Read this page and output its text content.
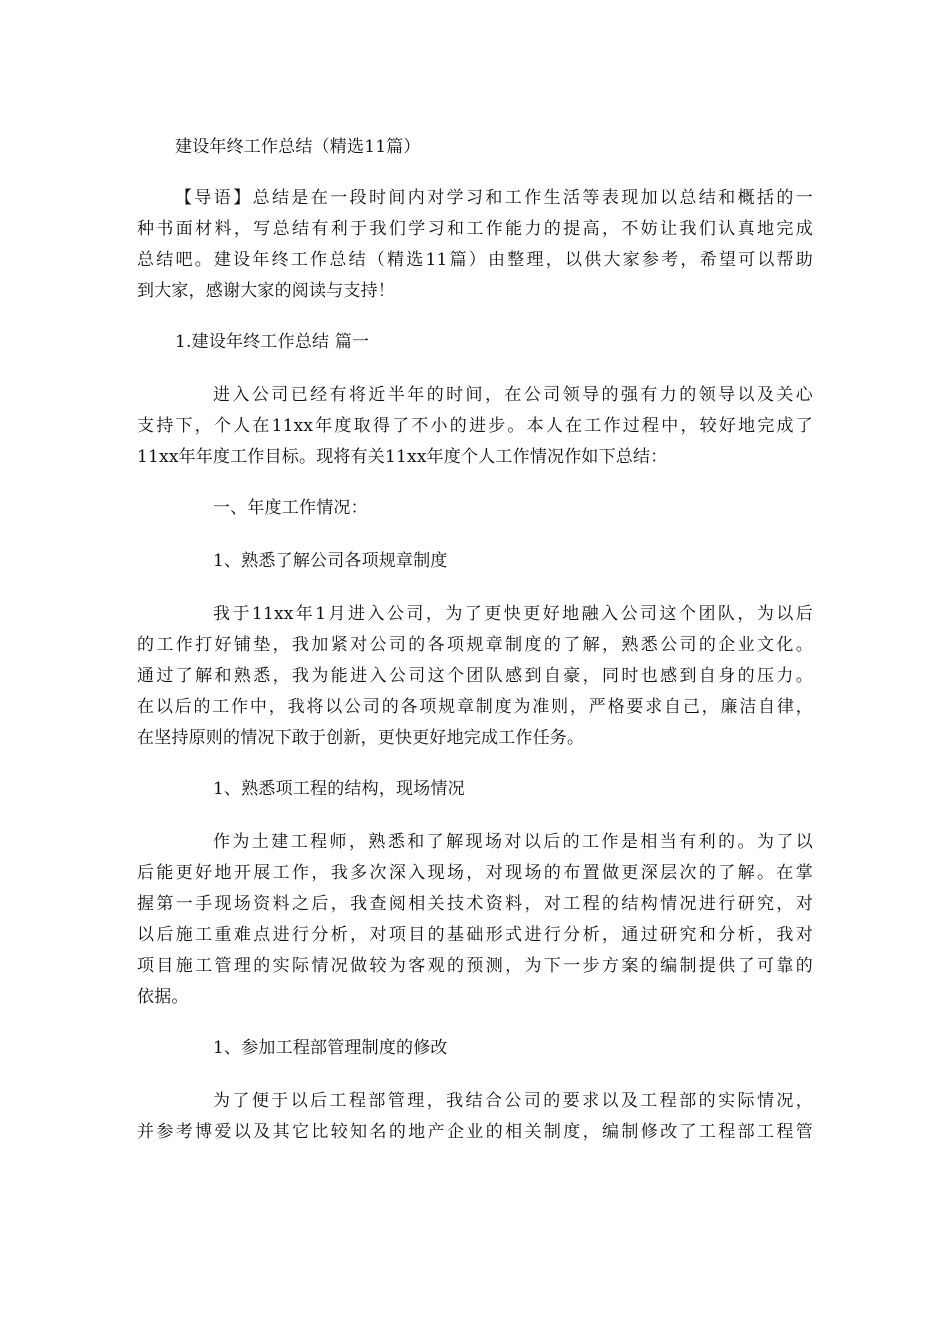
建设年终工作总结（精选11篇）
【导语】总结是在一段时间内对学习和工作生活等表现加以总结和概括的一
种书面材料，写总结有利于我们学习和工作能力的提高，不妨让我们认真地完成
总结吧。建设年终工作总结（精选11篇）由整理，以供大家参考，希望可以帮助
到大家，感谢大家的阅读与支持！
1.建设年终工作总结 篇一
进入公司已经有将近半年的时间，在公司领导的强有力的领导以及关心
支持下，个人在11xx年度取得了不小的进步。本人在工作过程中，较好地完成了
11xx年年度工作目标。现将有关11xx年度个人工作情况作如下总结：
一、年度工作情况：
1、熟悉了解公司各项规章制度
我于11xx年1月进入公司，为了更快更好地融入公司这个团队，为以后
的工作打好铺垫，我加紧对公司的各项规章制度的了解，熟悉公司的企业文化。
通过了解和熟悉，我为能进入公司这个团队感到自豪，同时也感到自身的压力。
在以后的工作中，我将以公司的各项规章制度为准则，严格要求自己，廉洁自律，
在坚持原则的情况下敢于创新，更快更好地完成工作任务。
1、熟悉项工程的结构，现场情况
作为土建工程师，熟悉和了解现场对以后的工作是相当有利的。为了以
后能更好地开展工作，我多次深入现场，对现场的布置做更深层次的了解。在掌
握第一手现场资料之后，我查阅相关技术资料，对工程的结构情况进行研究，对
以后施工重难点进行分析，对项目的基础形式进行分析，通过研究和分析，我对
项目施工管理的实际情况做较为客观的预测，为下一步方案的编制提供了可靠的
依据。
1、参加工程部管理制度的修改
为了便于以后工程部管理，我结合公司的要求以及工程部的实际情况，
并参考博爱以及其它比较知名的地产企业的相关制度，编制修改了工程部工程管
